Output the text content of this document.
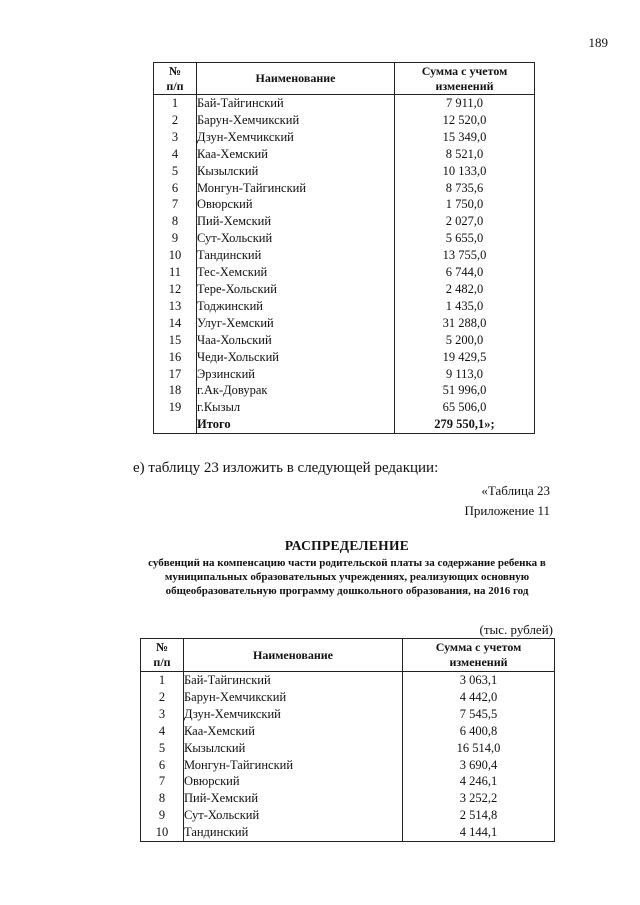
189
№
п/п	Наименование	Сумма с учетом
изменений
1	Бай-Тайгинский	7 911,0
2	Барун-Хемчикский	12 520,0
3	Дзун-Хемчикский	15 349,0
4	Каа-Хемский	8 521,0
5	Кызылский	10 133,0
6	Монгун-Тайгинский	8 735,6
7	Овюрский	1 750,0
8	Пий-Хемский	2 027,0
9	Сут-Хольский	5 655,0
10	Тандинский	13 755,0
11	Тес-Хемский	6 744,0
12	Тере-Хольский	2 482,0
13	Тоджинский	1 435,0
14	Улуг-Хемский	31 288,0
15	Чаа-Хольский	5 200,0
16	Чеди-Хольский	19 429,5
17	Эрзинский	9 113,0
18	г.Ак-Довурак	51 996,0
19	г.Кызыл	65 506,0
	Итого	279 550,1»;
е) таблицу 23 изложить в следующей редакции:
«Таблица 23
Приложение 11
РАСПРЕДЕЛЕНИЕ
субвенций на компенсацию части родительской платы за содержание ребенка в муниципальных образовательных учреждениях, реализующих основную общеобразовательную программу дошкольного образования, на 2016 год
(тыс. рублей)
№
п/п	Наименование	Сумма с учетом
изменений
1	Бай-Тайгинский	3 063,1
2	Барун-Хемчикский	4 442,0
3	Дзун-Хемчикский	7 545,5
4	Каа-Хемский	6 400,8
5	Кызылский	16 514,0
6	Монгун-Тайгинский	3 690,4
7	Овюрский	4 246,1
8	Пий-Хемский	3 252,2
9	Сут-Хольский	2 514,8
10	Тандинский	4 144,1
